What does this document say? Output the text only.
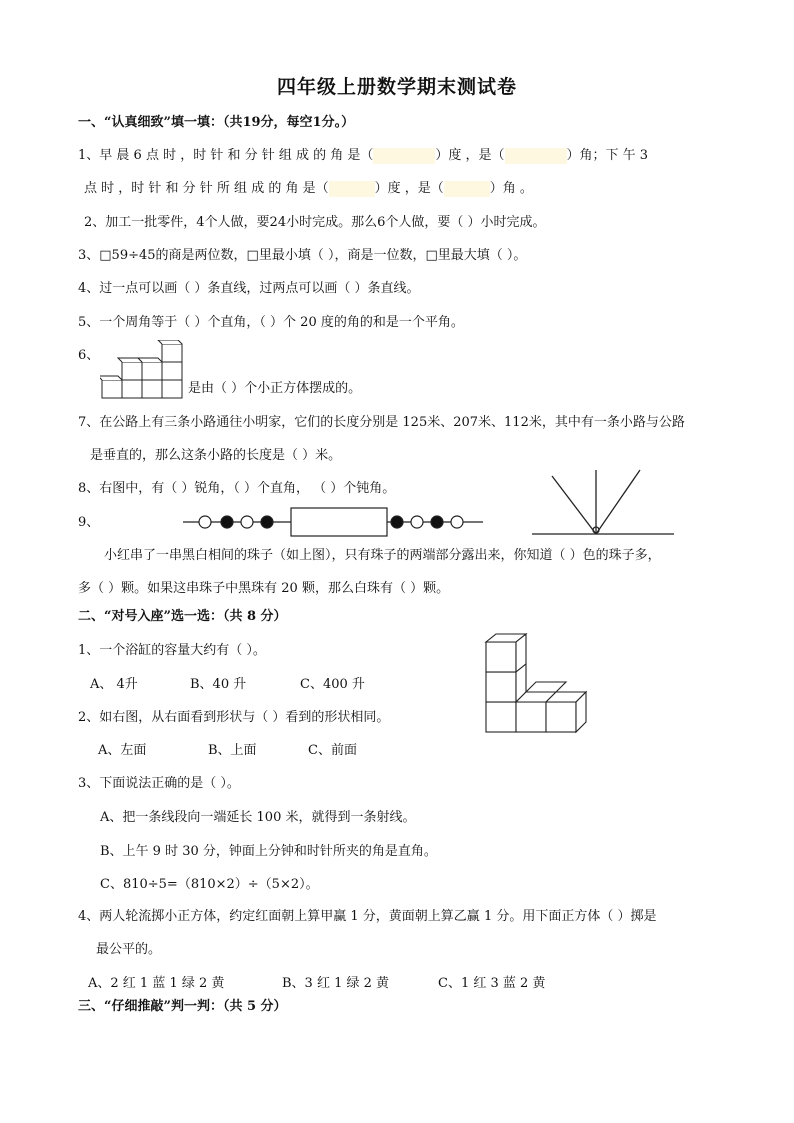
四年级上册数学期末测试卷
一、“认真细致”填一填：（共19分，每空1分。）
1、早 晨 6 点 时 ，时 针 和 分 针 组 成 的 角 是（	）度 ，是（	）角；下 午 3
点 时 ，时 针 和 分 针 所 组 成 的 角 是（	）度 ，是（	）角 。
2、加工一批零件，4个人做，要24小时完成。那么6个人做，要（ ）小时完成。
3、□59÷45的商是两位数，□里最小填（ ），商是一位数，□里最大填（ ）。
4、过一点可以画（ ）条直线，过两点可以画（ ）条直线。
5、一个周角等于（ ）个直角，（ ）个 20 度的角的和是一个平角。
6、
是由（ ）个小正方体摆成的。
7、在公路上有三条小路通往小明家，它们的长度分别是 125米、207米、112米，其中有一条小路与公路
是垂直的，那么这条小路的长度是（ ）米。
8、右图中，有（ ）锐角，（ ）个直角， （ ）个钝角。
9、
小红串了一串黑白相间的珠子（如上图），只有珠子的两端部分露出来，你知道（ ）色的珠子多，
多（ ）颗。如果这串珠子中黑珠有 20 颗，那么白珠有（ ）颗。
二、“对号入座”选一选：（共 8 分）
1、一个浴缸的容量大约有（ ）。
A、 4升	B、40 升	C、400 升
2、如右图，从右面看到形状与（ ）看到的形状相同。
A、左面	B、上面	C、前面
3、下面说法正确的是（ ）。
A、把一条线段向一端延长 100 米，就得到一条射线。
B、上午 9 时 30 分，钟面上分钟和时针所夹的角是直角。
C、810÷5=（810×2）÷（5×2）。
4、两人轮流掷小正方体，约定红面朝上算甲赢 1 分，黄面朝上算乙赢 1 分。用下面正方体（ ）掷是
最公平的。
A、2 红 1 蓝 1 绿 2 黄	B、3 红 1 绿 2 黄	C、1 红 3 蓝 2 黄
三、“仔细推敲”判一判：（共 5 分）
